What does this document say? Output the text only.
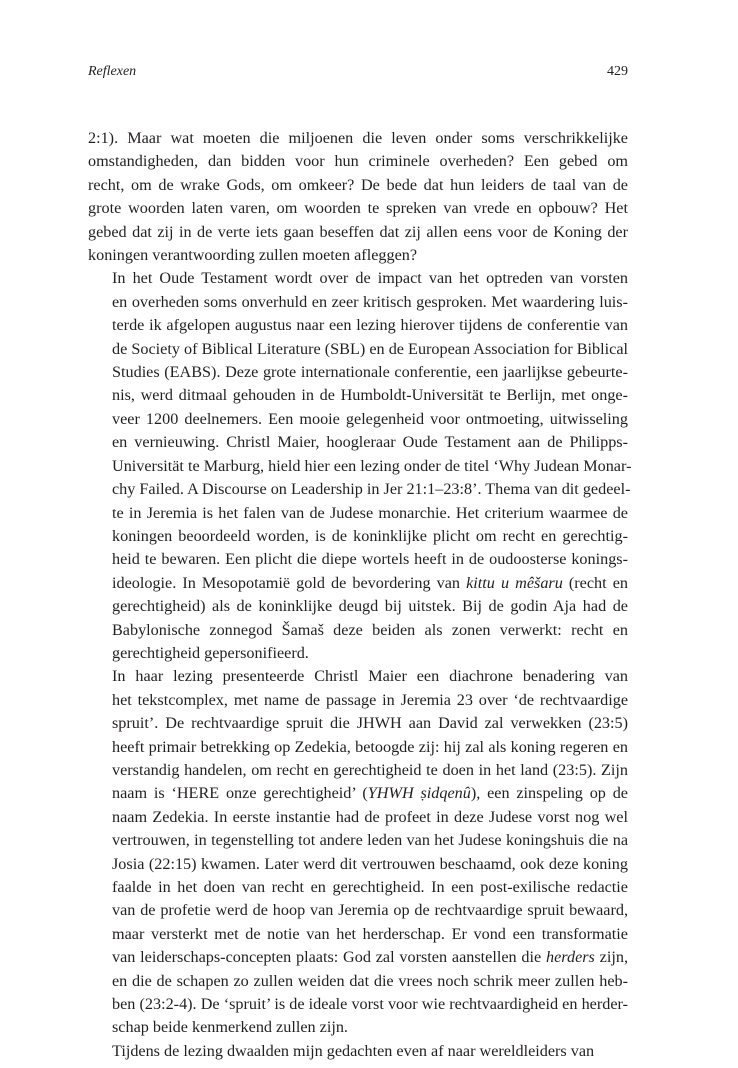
Reflexen	429

2:1). Maar wat moeten die miljoenen die leven onder soms verschrikkelijke
omstandigheden, dan bidden voor hun criminele overheden? Een gebed om
recht, om de wrake Gods, om omkeer? De bede dat hun leiders de taal van de
grote woorden laten varen, om woorden te spreken van vrede en opbouw? Het
gebed dat zij in de verte iets gaan beseffen dat zij allen eens voor de Koning der
koningen verantwoording zullen moeten afleggen?

In het Oude Testament wordt over de impact van het optreden van vorsten
en overheden soms onverhuld en zeer kritisch gesproken. Met waardering luis-
terde ik afgelopen augustus naar een lezing hierover tijdens de conferentie van
de Society of Biblical Literature (SBL) en de European Association for Biblical
Studies (EABS). Deze grote internationale conferentie, een jaarlijkse gebeurte-
nis, werd ditmaal gehouden in de Humboldt-Universität te Berlijn, met onge-
veer 1200 deelnemers. Een mooie gelegenheid voor ontmoeting, uitwisseling
en vernieuwing. Christl Maier, hoogleraar Oude Testament aan de Philipps-
Universität te Marburg, hield hier een lezing onder de titel ‘Why Judean Monar-
chy Failed. A Discourse on Leadership in Jer 21:1–23:8’. Thema van dit gedeel-
te in Jeremia is het falen van de Judese monarchie. Het criterium waarmee de
koningen beoordeeld worden, is de koninklijke plicht om recht en gerechtig-
heid te bewaren. Een plicht die diepe wortels heeft in de oudoosterse konings-
ideologie. In Mesopotamië gold de bevordering van kittu u mêšaru (recht en
gerechtigheid) als de koninklijke deugd bij uitstek. Bij de godin Aja had de
Babylonische zonnegod Šamaš deze beiden als zonen verwerkt: recht en
gerechtigheid gepersonifieerd.

In haar lezing presenteerde Christl Maier een diachrone benadering van
het tekstcomplex, met name de passage in Jeremia 23 over ‘de rechtvaardige
spruit’. De rechtvaardige spruit die JHWH aan David zal verwekken (23:5)
heeft primair betrekking op Zedekia, betoogde zij: hij zal als koning regeren en
verstandig handelen, om recht en gerechtigheid te doen in het land (23:5). Zijn
naam is ‘HERE onze gerechtigheid’ (YHWH ṣidqenû), een zinspeling op de
naam Zedekia. In eerste instantie had de profeet in deze Judese vorst nog wel
vertrouwen, in tegenstelling tot andere leden van het Judese koningshuis die na
Josia (22:15) kwamen. Later werd dit vertrouwen beschaamd, ook deze koning
faalde in het doen van recht en gerechtigheid. In een post-exilische redactie
van de profetie werd de hoop van Jeremia op de rechtvaardige spruit bewaard,
maar versterkt met de notie van het herderschap. Er vond een transformatie
van leiderschaps-concepten plaats: God zal vorsten aanstellen die herders zijn,
en die de schapen zo zullen weiden dat die vrees noch schrik meer zullen heb-
ben (23:2-4). De ‘spruit’ is de ideale vorst voor wie rechtvaardigheid en herder-
schap beide kenmerkend zullen zijn.

Tijdens de lezing dwaalden mijn gedachten even af naar wereldleiders van
